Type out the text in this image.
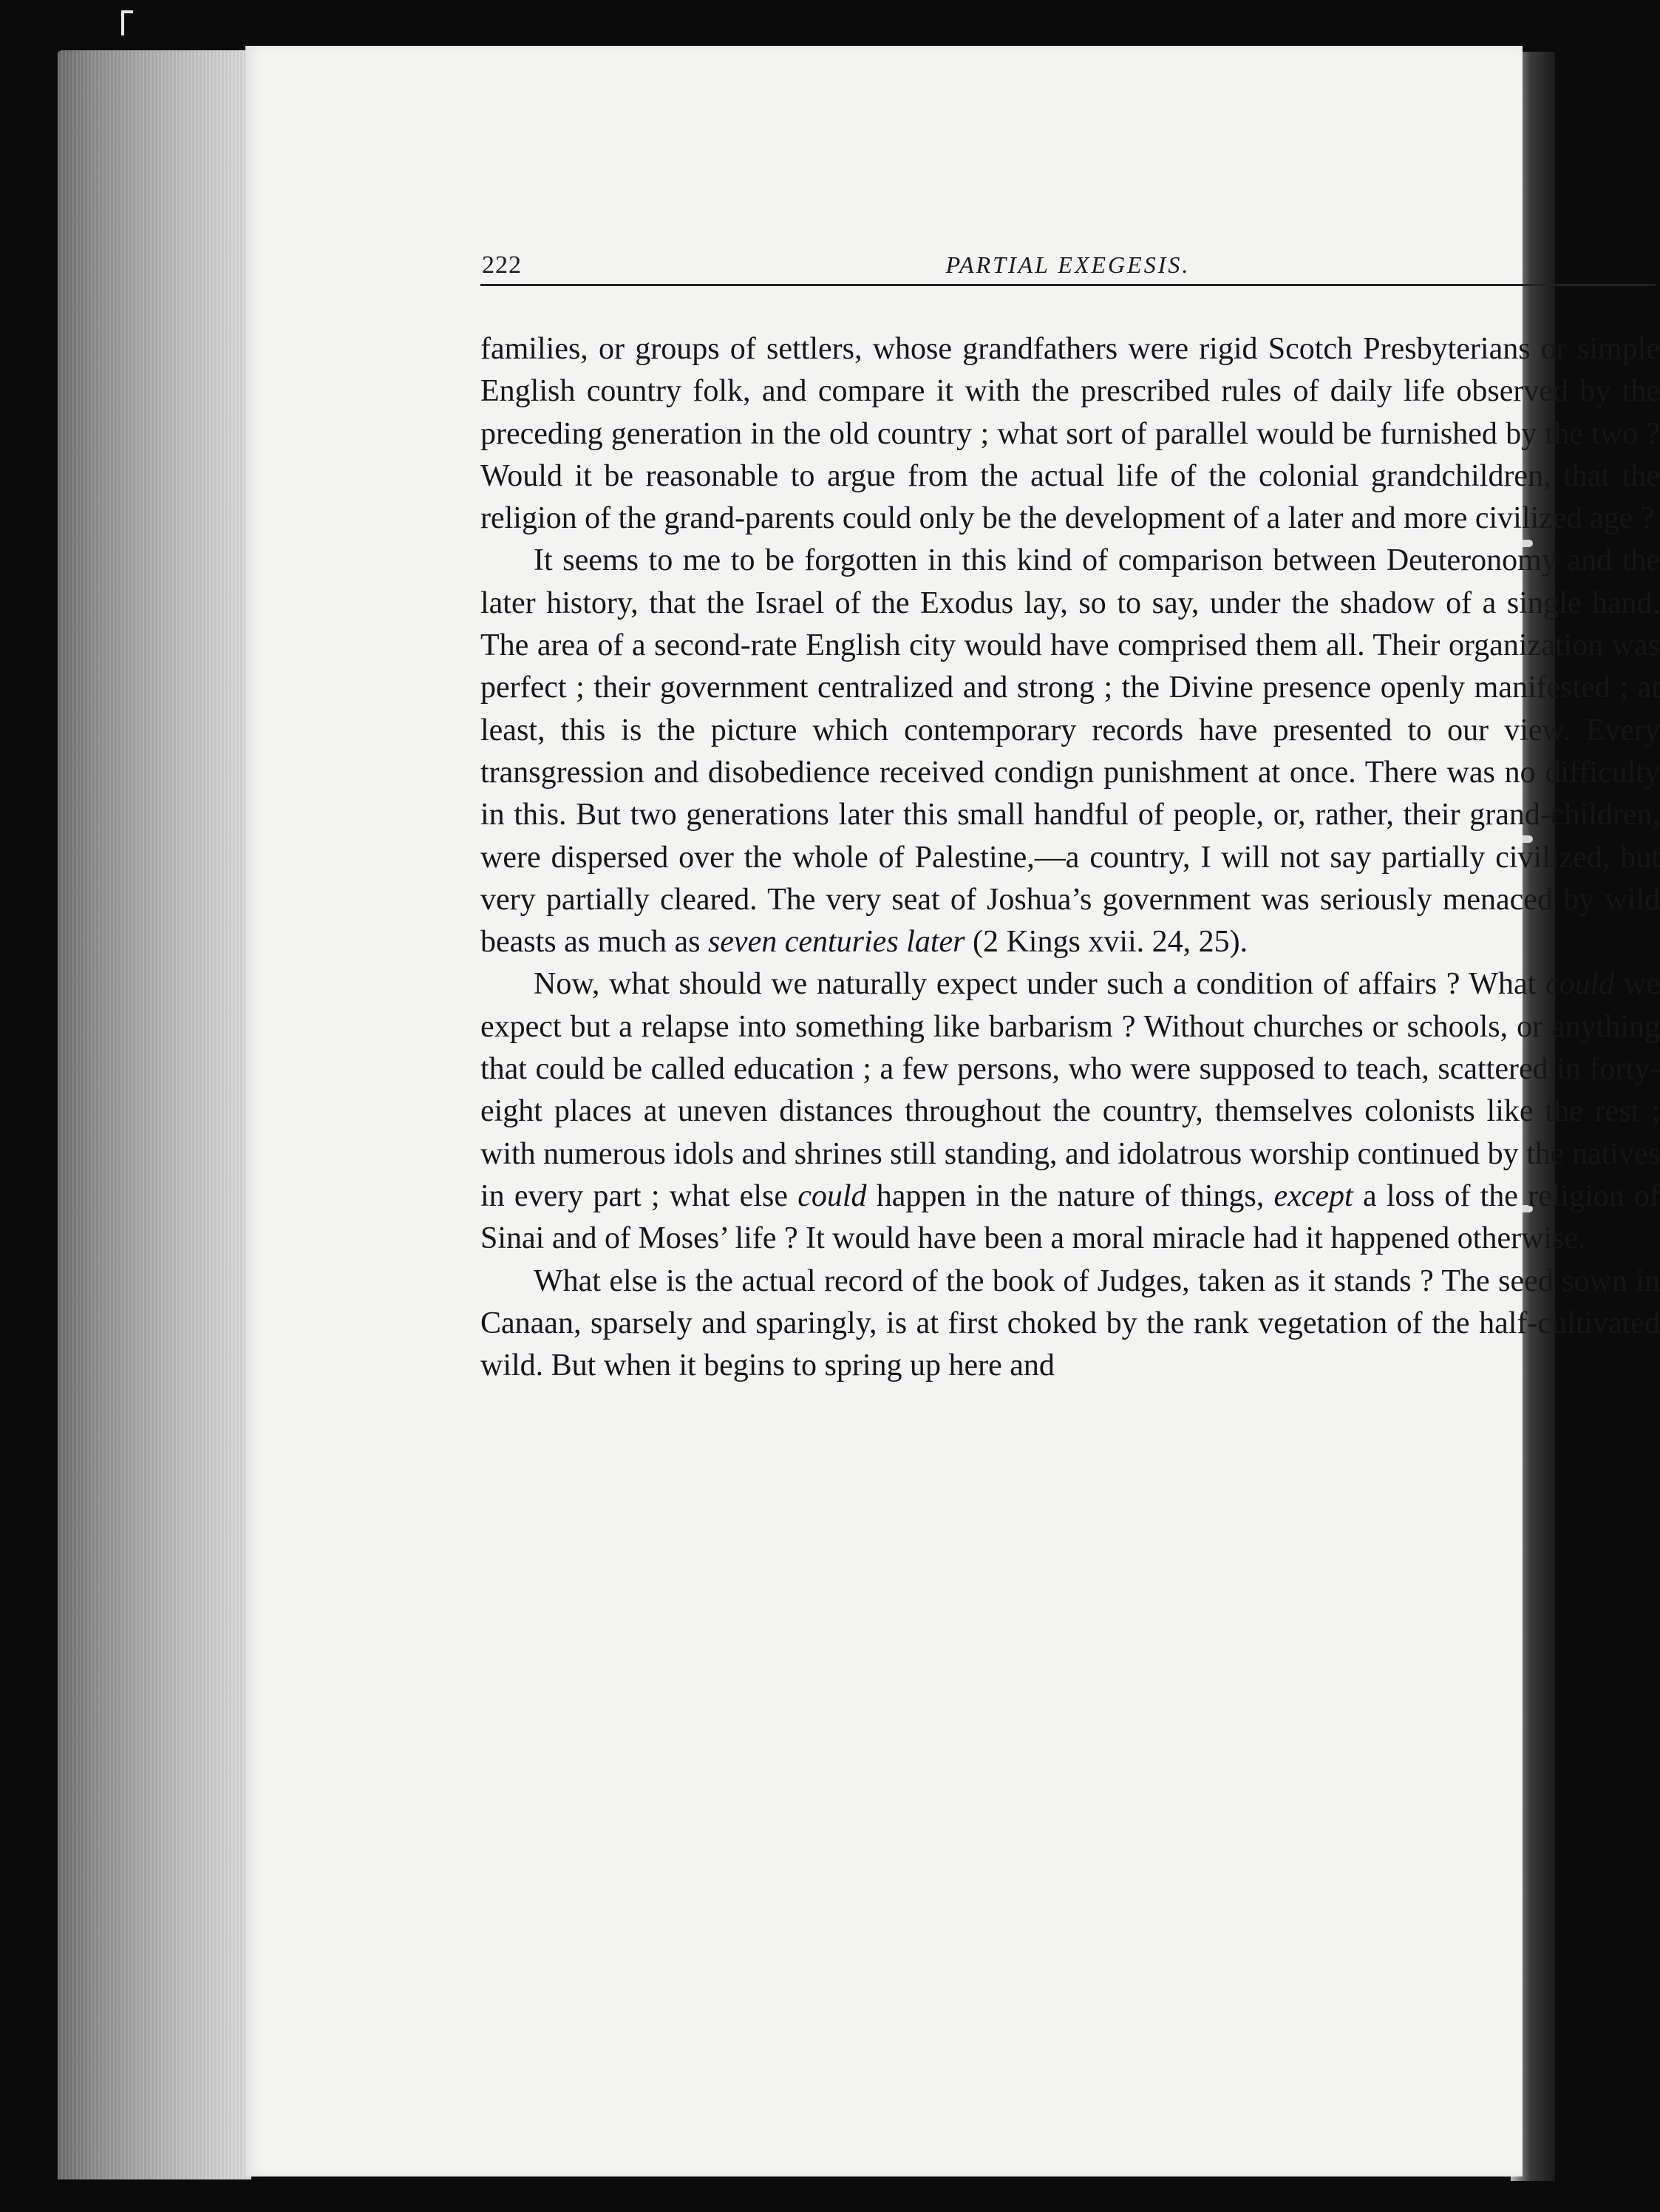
222	PARTIAL EXEGESIS.

families, or groups of settlers, whose grandfathers were rigid Scotch Presbyterians or simple English country folk, and compare it with the prescribed rules of daily life observed by the preceding generation in the old country ; what sort of parallel would be furnished by the two ? Would it be reasonable to argue from the actual life of the colonial grandchildren, that the religion of the grand-parents could only be the development of a later and more civilized age ?

It seems to me to be forgotten in this kind of comparison between Deuteronomy and the later history, that the Israel of the Exodus lay, so to say, under the shadow of a single hand. The area of a second-rate English city would have comprised them all. Their organization was perfect ; their government centralized and strong ; the Divine presence openly manifested ; at least, this is the picture which contemporary records have presented to our view. Every transgression and disobedience received condign punishment at once. There was no difficulty in this. But two generations later this small handful of people, or, rather, their grand-children, were dispersed over the whole of Palestine,—a country, I will not say partially civilized, but very partially cleared. The very seat of Joshua’s government was seriously menaced by wild beasts as much as seven centuries later (2 Kings xvii. 24, 25).

Now, what should we naturally expect under such a condition of affairs ? What could we expect but a relapse into something like barbarism ? Without churches or schools, or anything that could be called education ; a few persons, who were supposed to teach, scattered in forty-eight places at uneven distances throughout the country, themselves colonists like the rest ; with numerous idols and shrines still standing, and idolatrous worship continued by the natives in every part ; what else could happen in the nature of things, except a loss of the religion of Sinai and of Moses’ life ? It would have been a moral miracle had it happened otherwise.

What else is the actual record of the book of Judges, taken as it stands ? The seed sown in Canaan, sparsely and sparingly, is at first choked by the rank vegetation of the half-cultivated wild. But when it begins to spring up here and
